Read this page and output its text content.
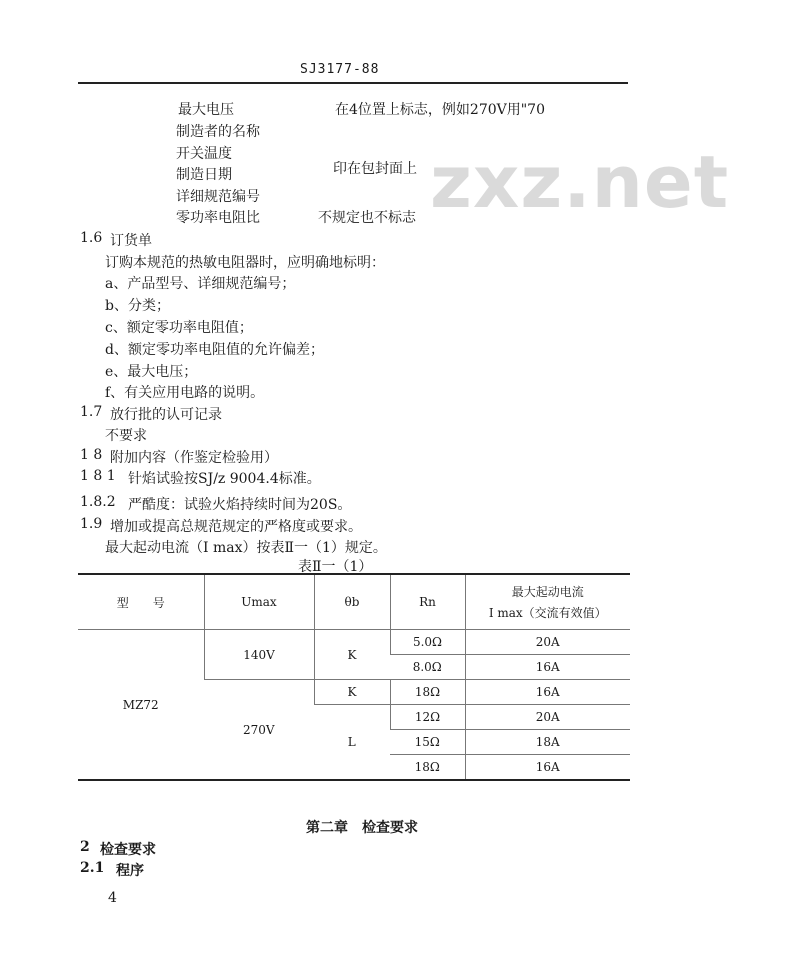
SJ3177-88
zxz.net
最大电压	在4位置上标志，例如270V用"70
制造者的名称
开关温度
制造日期	印在包封面上
详细规范编号
零功率电阻比	不规定也不标志
1.6 订货单
订购本规范的热敏电阻器时，应明确地标明：
a、产品型号、详细规范编号；
b、分类；
c、额定零功率电阻值；
d、额定零功率电阻值的允许偏差；
e、最大电压；
f、有关应用电路的说明。
1.7 放行批的认可记录
不要求
1 8 附加内容（作鉴定检验用）
1 8 1 针焰试验按SJ/z 9004.4标准。
1.8.2 严酷度：试验火焰持续时间为20S。
1.9 增加或提高总规范规定的严格度或要求。
最大起动电流（I max）按表Ⅱ一（1）规定。
表Ⅱ一（1）
型　　号	Umax	θb	Rn	最大起动电流
I max（交流有效值）

MZ72	140V	K	5.0Ω	20A
			8.0Ω	16A
	270V	K	18Ω	16A
		L	12Ω	20A
			15Ω	18A
			18Ω	16A
第二章　检查要求
2 检查要求
2.1 程序
4
